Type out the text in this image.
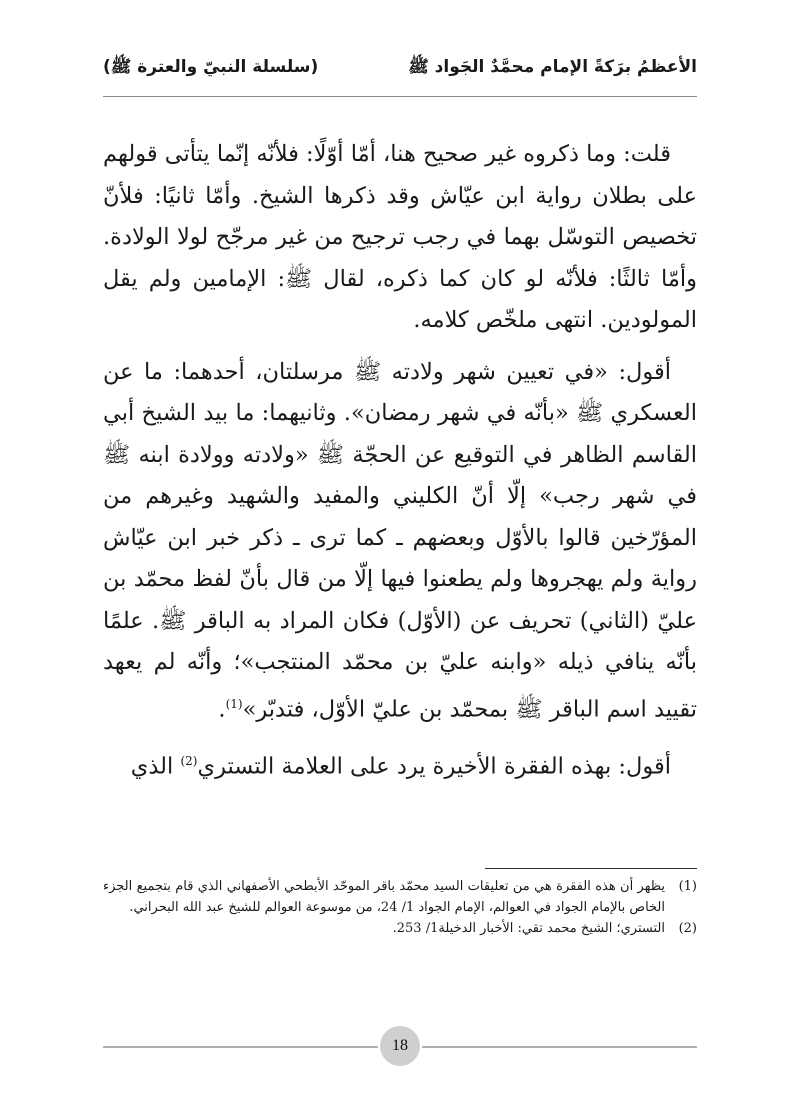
الأعظمُ برَكةً الإمام محمَّدٌ الجَواد ﷺ
(سلسلة النبيّ والعترة ﷺ)

قلت: وما ذكروه غير صحيح هنا، أمّا أوّلًا: فلأنّه إنّما يتأتى قولهم على بطلان رواية ابن عيّاش وقد ذكرها الشيخ. وأمّا ثانيًا: فلأنّ تخصيص التوسّل بهما في رجب ترجيح من غير مرجّح لولا الولادة. وأمّا ثالثًا: فلأنّه لو كان كما ذكره، لقال ﷺ: الإمامين ولم يقل المولودين. انتهى ملخّص كلامه.

أقول: «في تعيين شهر ولادته ﷺ مرسلتان، أحدهما: ما عن العسكري ﷺ «بأنّه في شهر رمضان». وثانيهما: ما بيد الشيخ أبي القاسم الظاهر في التوقيع عن الحجّة ﷺ «ولادته وولادة ابنه ﷺ في شهر رجب» إلّا أنّ الكليني والمفيد والشهيد وغيرهم من المؤرّخين قالوا بالأوّل وبعضهم ـ كما ترى ـ ذكر خبر ابن عيّاش رواية ولم يهجروها ولم يطعنوا فيها إلّا من قال بأنّ لفظ محمّد بن عليّ (الثاني) تحريف عن (الأوّل) فكان المراد به الباقر ﷺ. علمًا بأنّه ينافي ذيله «وابنه عليّ بن محمّد المنتجب»؛ وأنّه لم يعهد تقييد اسم الباقر ﷺ بمحمّد بن عليّ الأوّل، فتدبّر»$^{(1)}$.

أقول: بهذه الفقرة الأخيرة يرد على العلامة التستري$^{(2)}$ الذي

(1)
يظهر أن هذه الفقرة هي من تعليقات السيد محمّد باقر الموحّد الأبطحي الأصفهاني الذي قام بتجميع الجزء الخاص بالإمام الجواد في العوالم، الإمام الجواد 1/ 24، من موسوعة العوالم للشيخ عبد الله البحراني.
(2)
التستري؛ الشيخ محمد تقي: الأخبار الدخيلة1/ 253.
18
